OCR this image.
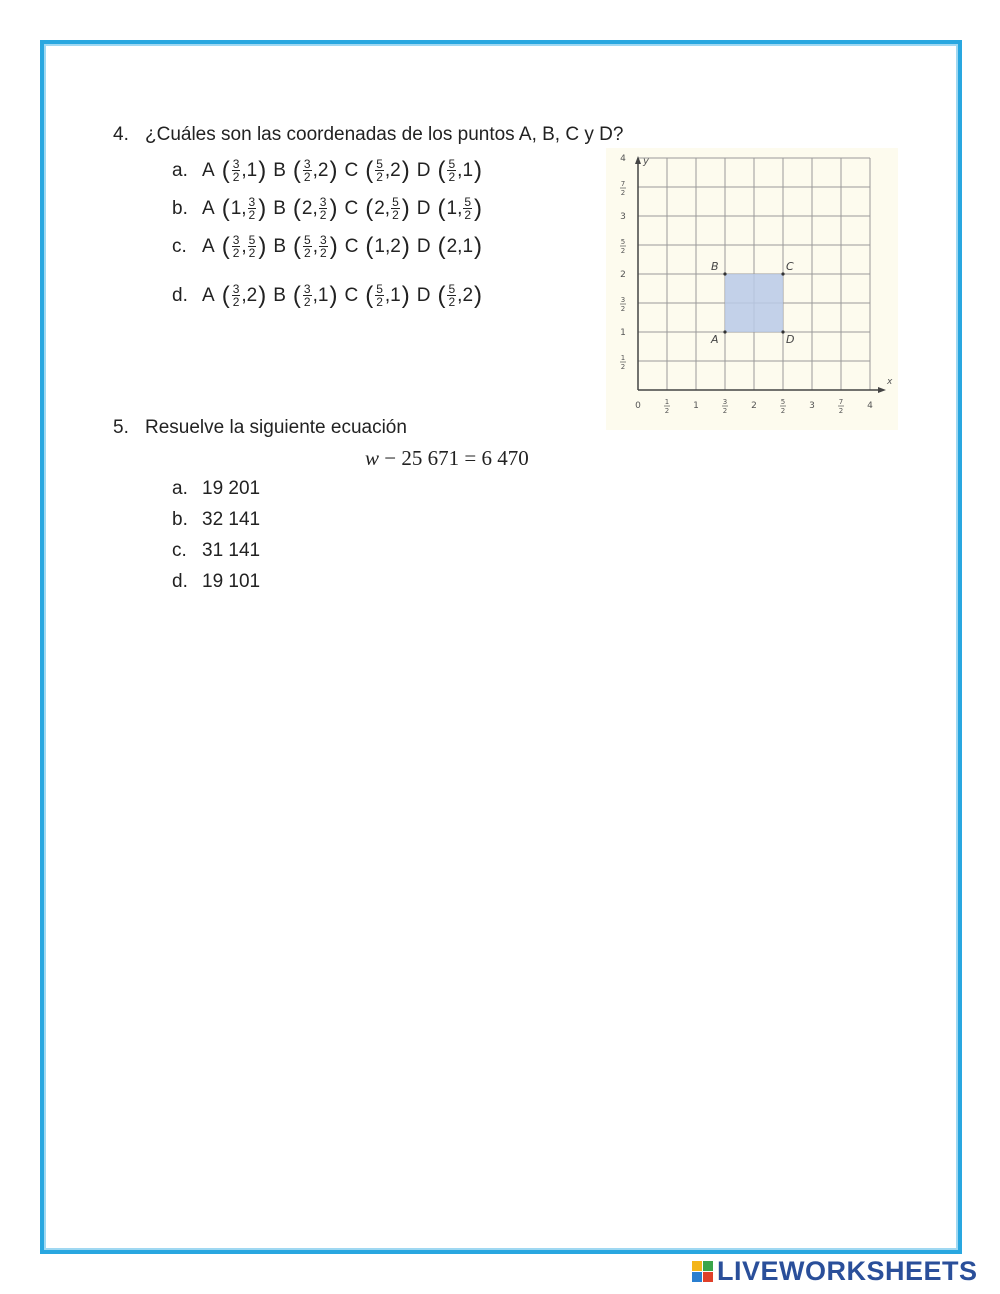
4. ¿Cuáles son las coordenadas de los puntos A, B, C y D?
a. A ( $\frac{3}{2}$ , 1 ) B ( $\frac{3}{2}$ , 2 ) C ( $\frac{5}{2}$ , 2 ) D ( $\frac{5}{2}$ , 1 )
b. A ( 1 , $\frac{3}{2}$ ) B ( 2 , $\frac{3}{2}$ ) C ( 2 , $\frac{5}{2}$ ) D ( 1 , $\frac{5}{2}$ )
c. A ( $\frac{3}{2}$ , $\frac{5}{2}$ ) B ( $\frac{5}{2}$ , $\frac{3}{2}$ ) C ( 1 , 2 ) D ( 2 , 1 )
d. A ( $\frac{3}{2}$ , 2 ) B ( $\frac{3}{2}$ , 1 ) C ( $\frac{5}{2}$ , 1 ) D ( $\frac{5}{2}$ , 2 )
x
y
0	1
2	1	3
2	2	5
2	3	7
2	4
1
2
1
3
2
2
5
2
3
7
2
4
A
B	C
D
5. Resuelve la siguiente ecuación
w − 25 671 = 6 470
a. 19 201
b. 32 141
c. 31 141
d. 19 101
LIVEWORKSHEETS
